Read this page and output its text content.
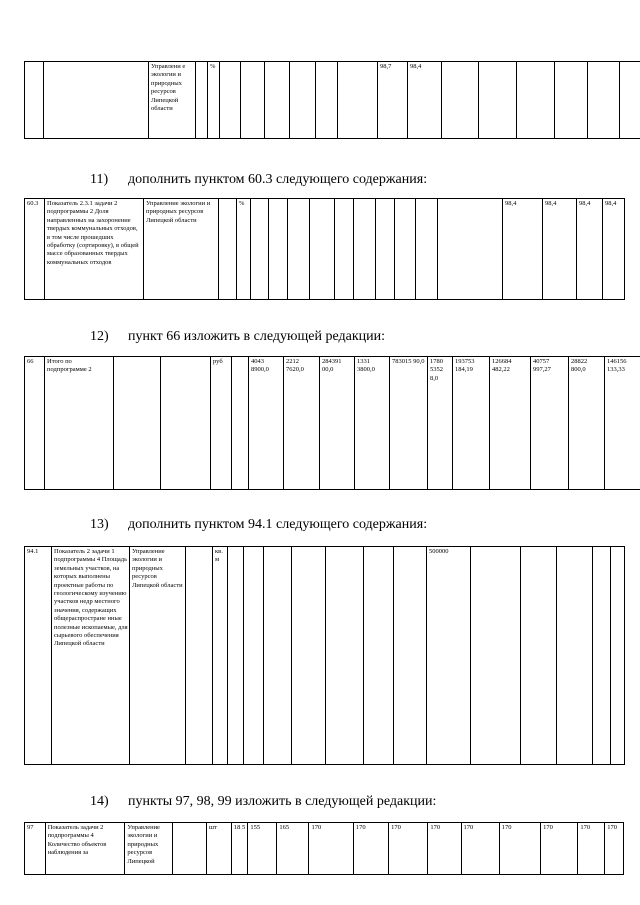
		Управлени е экологии и природных ресурсов Липецкой области		%							98,7	98,4						
11) дополнить пунктом 60.3 следующего содержания:
60.3	Показатель 2.3.1 задачи 2 подпрограммы 2 Доля направленных на захоронение твердых коммунальных отходов, в том числе прошедших обработку (сортировку), в общей массе образованных твердых коммунальных отходов	Управление экологии и природных ресурсов Липецкой области		%											98,4	98,4	98,4	98,4
12) пункт 66 изложить в следующей редакции:
66	Итого по подпрограмме 2			руб		4043 8900,0	2212 7620,0	284391 00,0	1331 3800,0	783015 90,0	1780 5352 8,0	193753 184,19	126684 482,22	40757 997,27	28822 800,0	146156 133,33
13) дополнить пунктом 94.1 следующего содержания:
94.1	Показатель 2 задачи 1 подпрограммы 4 Площадь земельных участков, на которых выполнены проектные работы по геологическому изучению участков недр местного значения, содержащих общераспростране нные полезные ископаемые, для сырьевого обеспечения Липецкой области	Управление экологии и природных ресурсов Липецкой области		кв. м								500000					
14) пункты 97, 98, 99 изложить в следующей редакции:
97	Показатель задачи 2 подпрограммы 4 Количество объектов наблюдения за	Управление экологии и природных ресурсов Липецкой		шт	18 5	155	165	170	170	170	170	170	170	170	170	170
